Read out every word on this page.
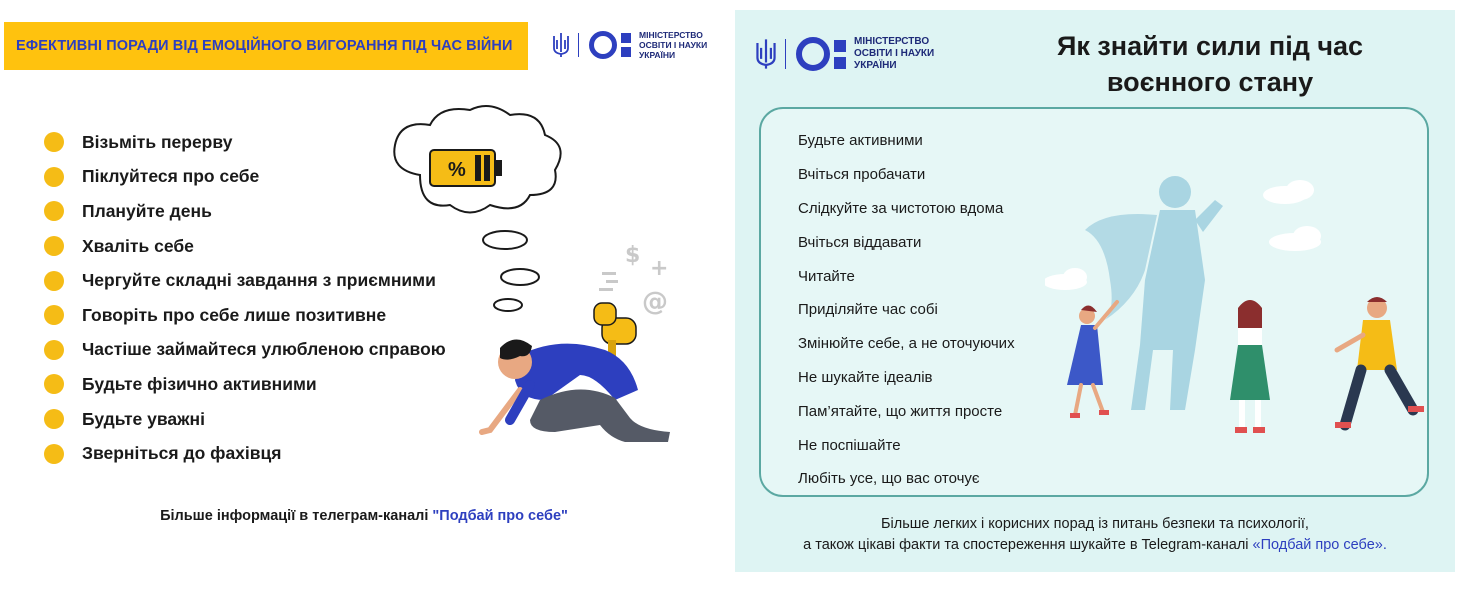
ЕФЕКТИВНІ ПОРАДИ ВІД ЕМОЦІЙНОГО ВИГОРАННЯ ПІД ЧАС ВІЙНИ
МІНІСТЕРСТВО
ОСВІТИ І НАУКИ
УКРАЇНИ
Візьміть перерву
Піклуйтеся про себе
Плануйте день
Хваліть себе
Чергуйте складні завдання з приємними
Говоріть про себе лише позитивне
Частіше займайтеся улюбленою справою
Будьте фізично активними
Будьте уважні
Зверніться до фахівця
%
$
+
@
Більше інформації в телеграм-каналі "Подбай про себе"
МІНІСТЕРСТВО
ОСВІТИ І НАУКИ
УКРАЇНИ
Як знайти сили під час
воєнного стану
Будьте активними
Вчіться пробачати
Слідкуйте за чистотою вдома
Вчіться віддавати
Читайте
Приділяйте час собі
Змінюйте себе, а не оточуючих
Не шукайте ідеалів
Пам’ятайте, що життя просте
Не поспішайте
Любіть усе, що вас оточує
Більше легких і корисних порад із питань безпеки та психології,
а також цікаві факти та спостереження шукайте в Telegram-каналі «Подбай про себе».
